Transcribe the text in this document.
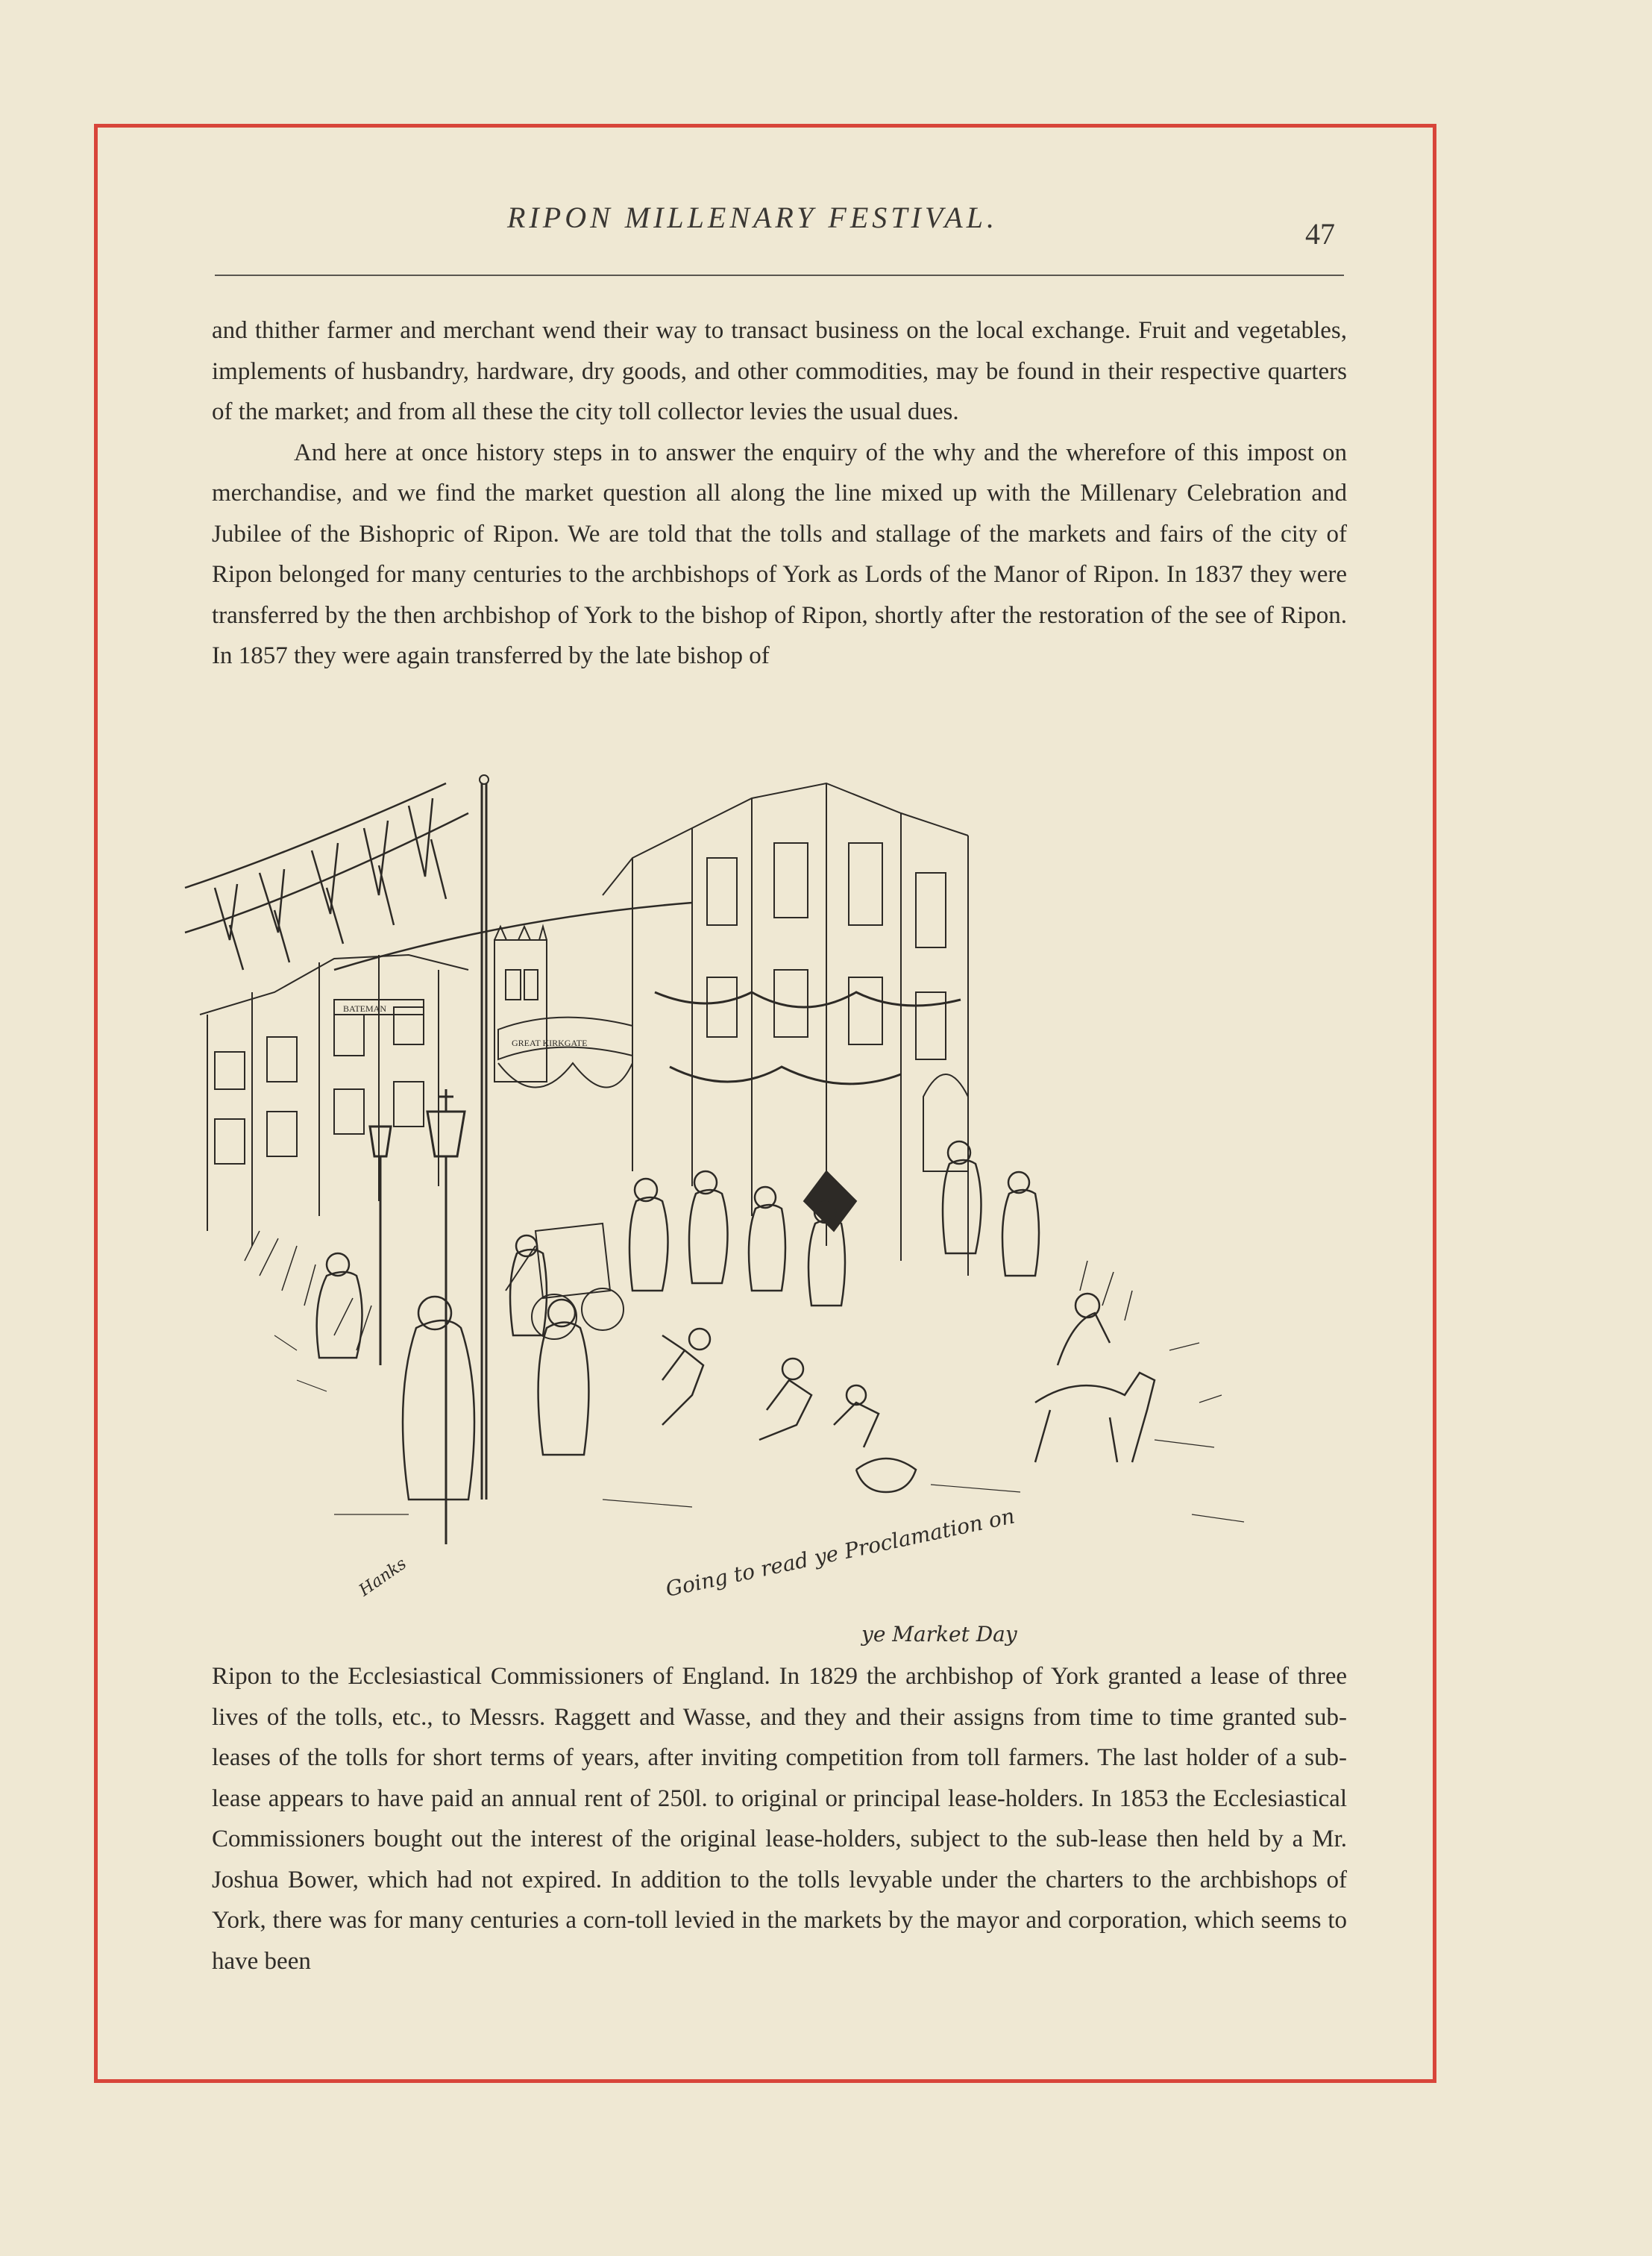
RIPON MILLENARY FESTIVAL.	47

and thither farmer and merchant wend their way to transact business on the local exchange. Fruit and vegetables, implements of husbandry, hardware, dry goods, and other commodities, may be found in their respective quarters of the market; and from all these the city toll collector levies the usual dues.

And here at once history steps in to answer the enquiry of the why and the wherefore of this impost on merchandise, and we find the market question all along the line mixed up with the Millenary Celebration and Jubilee of the Bishopric of Ripon. We are told that the tolls and stallage of the markets and fairs of the city of Ripon belonged for many centuries to the archbishops of York as Lords of the Manor of Ripon. In 1837 they were transferred by the then archbishop of York to the bishop of Ripon, shortly after the restoration of the see of Ripon. In 1857 they were again transferred by the late bishop of

BATEMAN
GREAT KIRKGATE
Hanks	Going to read ye Proclamation on
ye Market Day

Ripon to the Ecclesiastical Commissioners of England. In 1829 the archbishop of York granted a lease of three lives of the tolls, etc., to Messrs. Raggett and Wasse, and they and their assigns from time to time granted sub-leases of the tolls for short terms of years, after inviting competition from toll farmers. The last holder of a sub-lease appears to have paid an annual rent of 250l. to original or principal lease-holders. In 1853 the Ecclesiastical Commissioners bought out the interest of the original lease-holders, subject to the sub-lease then held by a Mr. Joshua Bower, which had not expired. In addition to the tolls levyable under the charters to the archbishops of York, there was for many centuries a corn-toll levied in the markets by the mayor and corporation, which seems to have been
